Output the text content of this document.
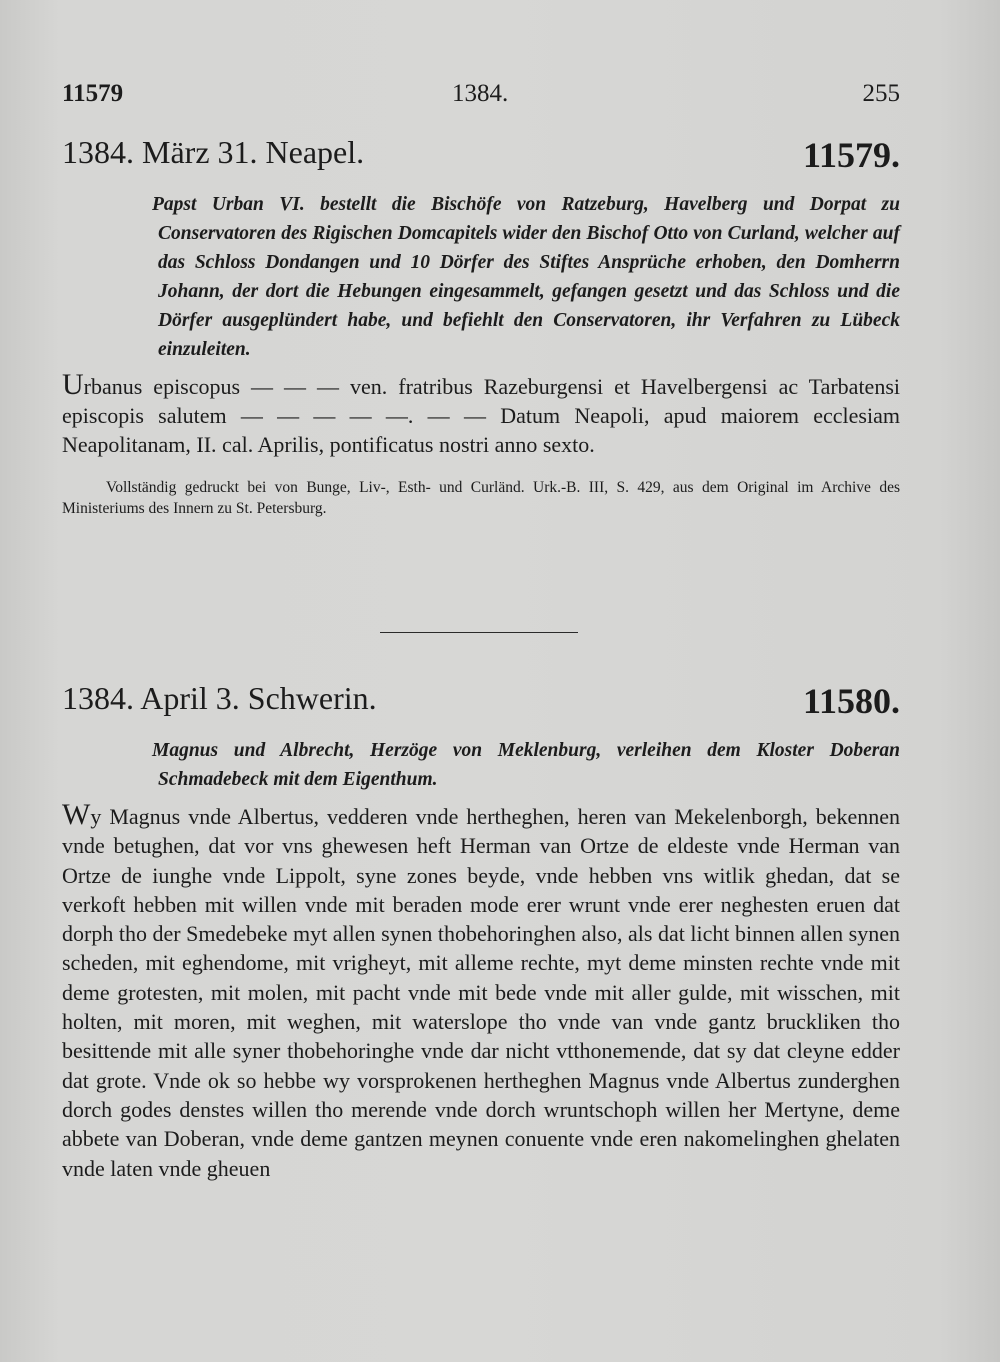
11579	1384.	255
1384. März 31. Neapel.	11579.

Papst Urban VI. bestellt die Bischöfe von Ratzeburg, Havelberg und Dorpat zu Conservatoren des Rigischen Domcapitels wider den Bischof Otto von Curland, welcher auf das Schloss Dondangen und 10 Dörfer des Stiftes Ansprüche erhoben, den Domherrn Johann, der dort die Hebungen eingesammelt, gefangen gesetzt und das Schloss und die Dörfer ausgeplündert habe, und befiehlt den Conservatoren, ihr Verfahren zu Lübeck einzuleiten.

Urbanus episcopus — — — ven. fratribus Razeburgensi et Havelbergensi ac Tarbatensi episcopis salutem — — — — —. — — Datum Neapoli, apud maiorem ecclesiam Neapolitanam, II. cal. Aprilis, pontificatus nostri anno sexto.

Vollständig gedruckt bei von Bunge, Liv-, Esth- und Curländ. Urk.-B. III, S. 429, aus dem Original im Archive des Ministeriums des Innern zu St. Petersburg.

1384. April 3. Schwerin.	11580.

Magnus und Albrecht, Herzöge von Meklenburg, verleihen dem Kloster Doberan Schmadebeck mit dem Eigenthum.

Wy Magnus vnde Albertus, vedderen vnde hertheghen, heren van Mekelenborgh, bekennen vnde betughen, dat vor vns ghewesen heft Herman van Ortze de eldeste vnde Herman van Ortze de iunghe vnde Lippolt, syne zones beyde, vnde hebben vns witlik ghedan, dat se verkoft hebben mit willen vnde mit beraden mode erer wrunt vnde erer neghesten eruen dat dorph tho der Smedebeke myt allen synen thobehoringhen also, als dat licht binnen allen synen scheden, mit eghendome, mit vrigheyt, mit alleme rechte, myt deme minsten rechte vnde mit deme grotesten, mit molen, mit pacht vnde mit bede vnde mit aller gulde, mit wisschen, mit holten, mit moren, mit weghen, mit waterslope tho vnde van vnde gantz bruckliken tho besittende mit alle syner thobehoringhe vnde dar nicht vtthonemende, dat sy dat cleyne edder dat grote. Vnde ok so hebbe wy vorsprokenen hertheghen Magnus vnde Albertus zunderghen dorch godes denstes willen tho merende vnde dorch wruntschoph willen her Mertyne, deme abbete van Doberan, vnde deme gantzen meynen conuente vnde eren nakomelinghen ghelaten vnde laten vnde gheuen
